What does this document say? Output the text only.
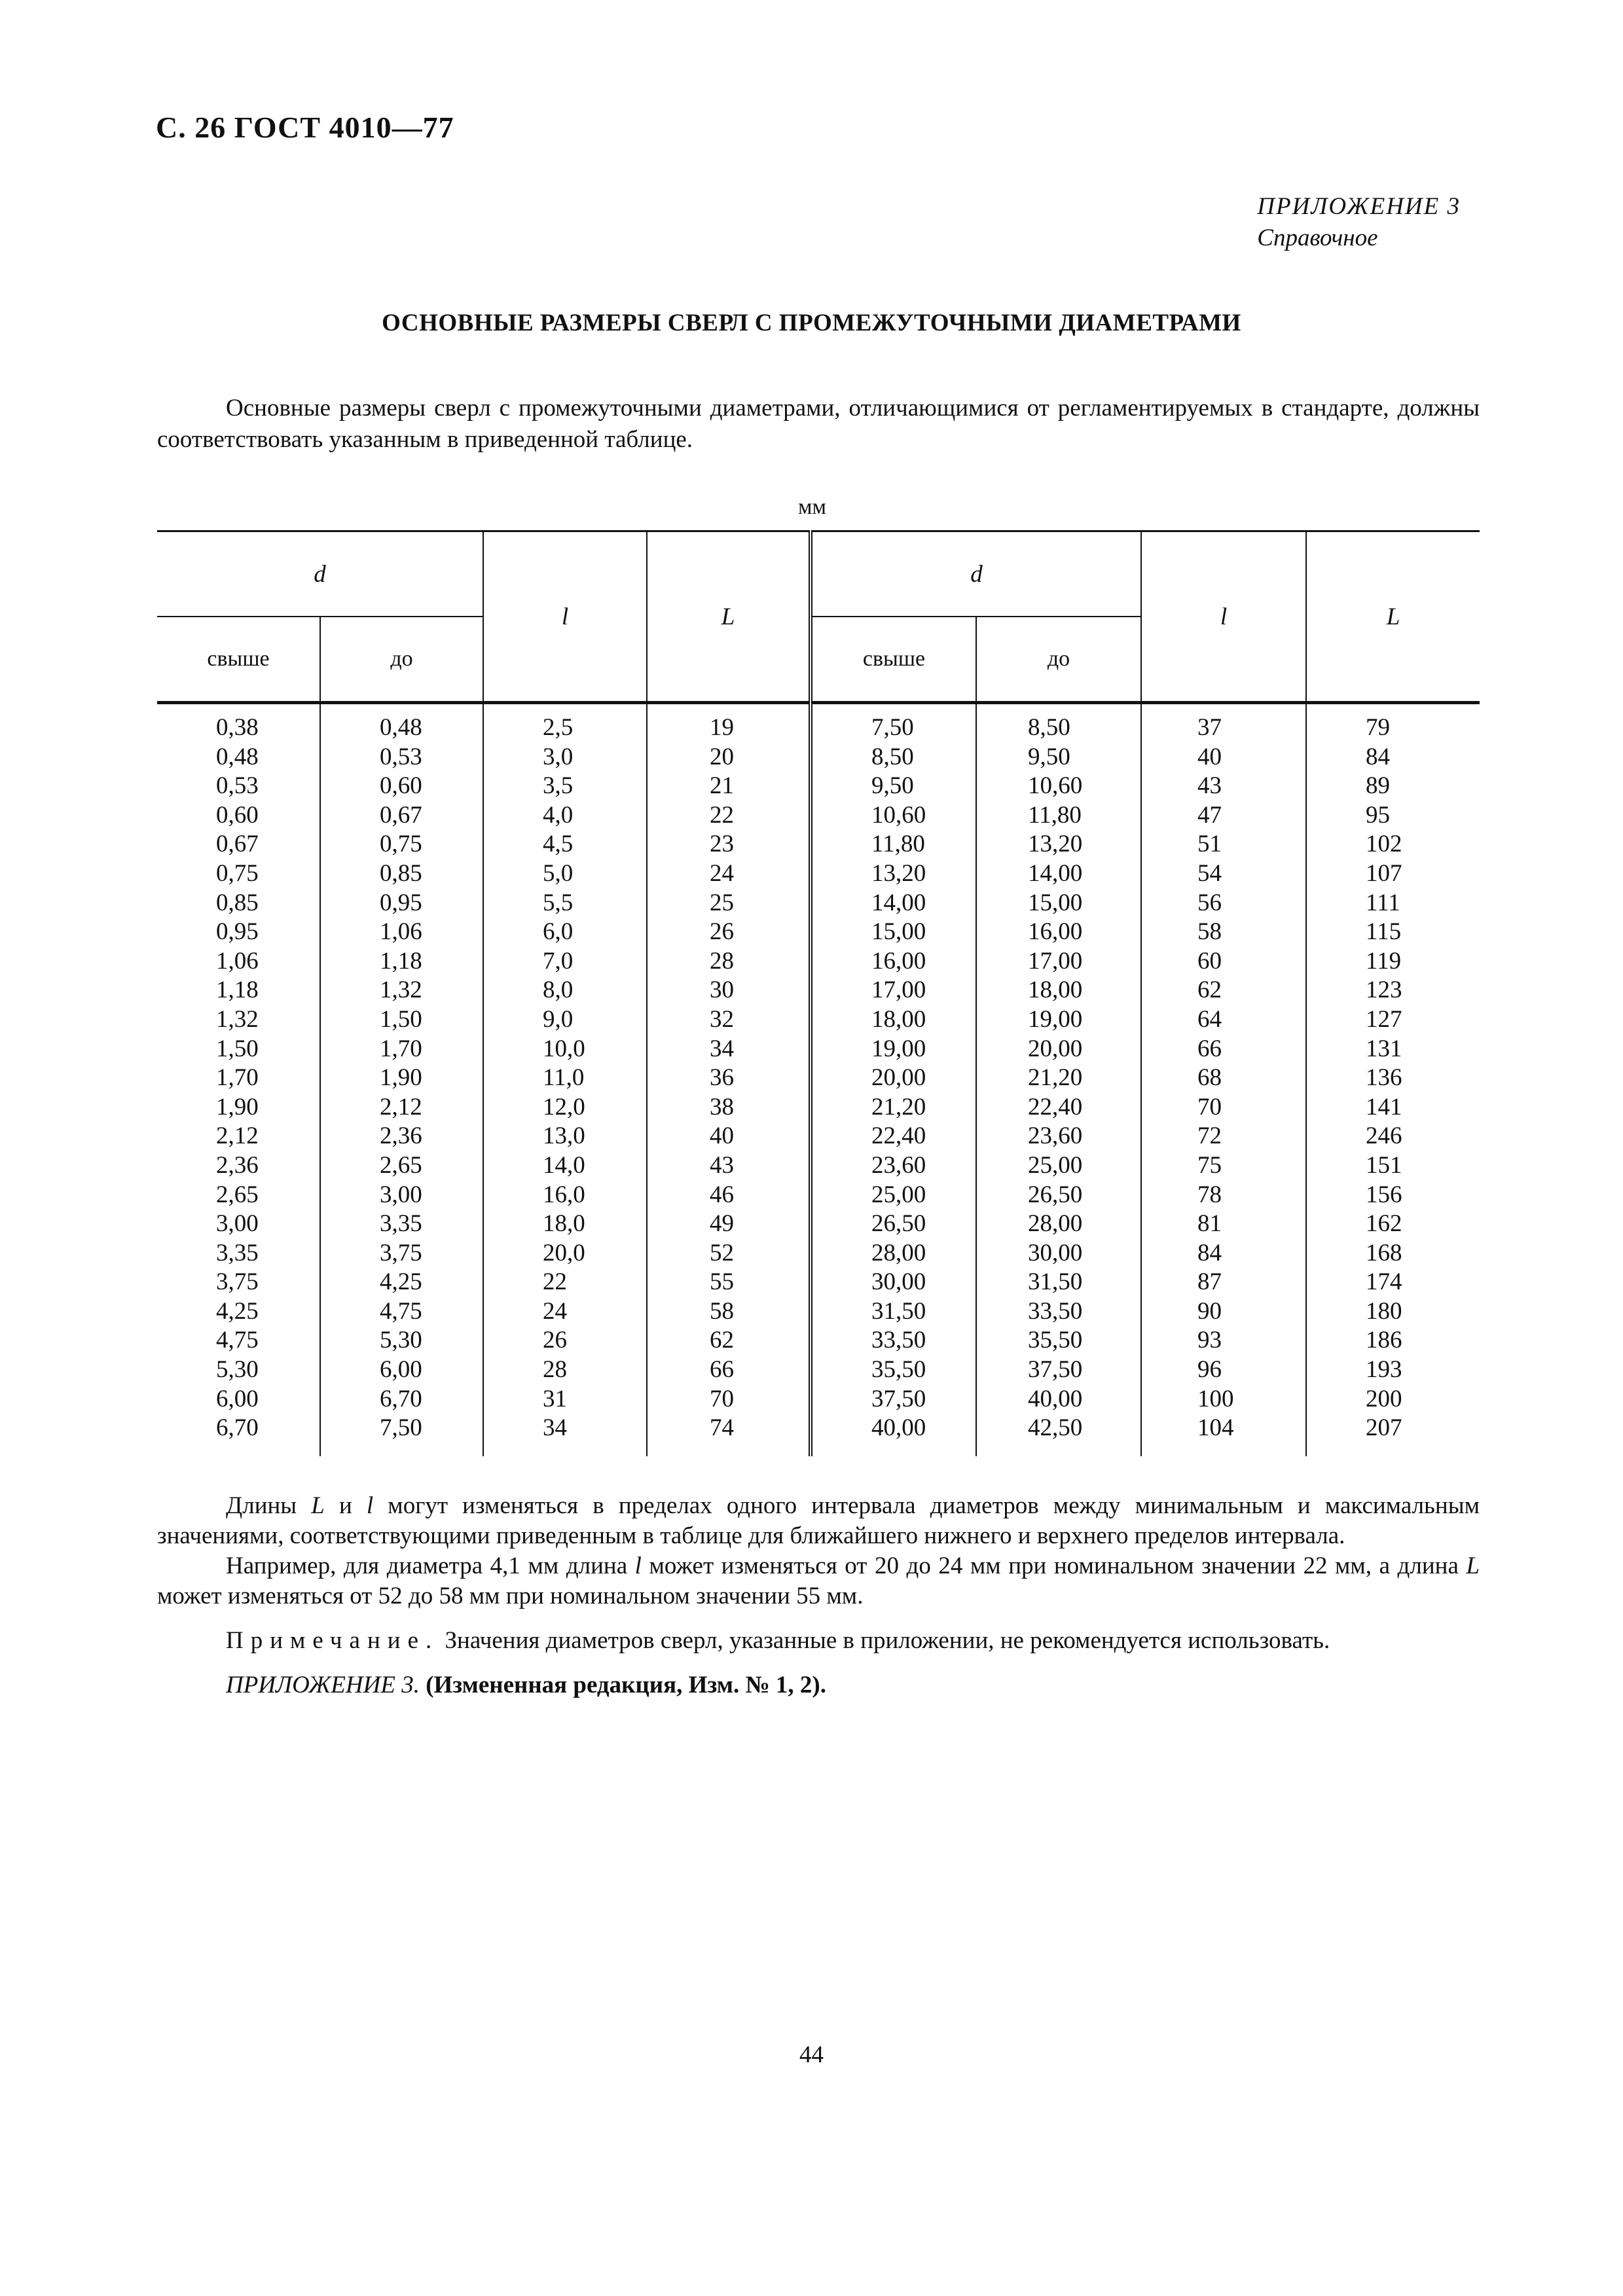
С. 26 ГОСТ 4010—77
ПРИЛОЖЕНИЕ 3
Справочное
ОСНОВНЫЕ РАЗМЕРЫ СВЕРЛ С ПРОМЕЖУТОЧНЫМИ ДИАМЕТРАМИ

Основные размеры сверл с промежуточными диаметрами, отличающимися от регламентируемых в стандарте, должны соответствовать указанным в приведенной таблице.

мм
d		l	L	d		l	L
свыше	до			свыше	до		
0,38	0,48	2,5	19	7,50	8,50	37	79
0,48	0,53	3,0	20	8,50	9,50	40	84
0,53	0,60	3,5	21	9,50	10,60	43	89
0,60	0,67	4,0	22	10,60	11,80	47	95
0,67	0,75	4,5	23	11,80	13,20	51	102
0,75	0,85	5,0	24	13,20	14,00	54	107
0,85	0,95	5,5	25	14,00	15,00	56	111
0,95	1,06	6,0	26	15,00	16,00	58	115
1,06	1,18	7,0	28	16,00	17,00	60	119
1,18	1,32	8,0	30	17,00	18,00	62	123
1,32	1,50	9,0	32	18,00	19,00	64	127
1,50	1,70	10,0	34	19,00	20,00	66	131
1,70	1,90	11,0	36	20,00	21,20	68	136
1,90	2,12	12,0	38	21,20	22,40	70	141
2,12	2,36	13,0	40	22,40	23,60	72	246
2,36	2,65	14,0	43	23,60	25,00	75	151
2,65	3,00	16,0	46	25,00	26,50	78	156
3,00	3,35	18,0	49	26,50	28,00	81	162
3,35	3,75	20,0	52	28,00	30,00	84	168
3,75	4,25	22	55	30,00	31,50	87	174
4,25	4,75	24	58	31,50	33,50	90	180
4,75	5,30	26	62	33,50	35,50	93	186
5,30	6,00	28	66	35,50	37,50	96	193
6,00	6,70	31	70	37,50	40,00	100	200
6,70	7,50	34	74	40,00	42,50	104	207

Длины L и l могут изменяться в пределах одного интервала диаметров между минимальным и максимальным значениями, соответствующими приведенным в таблице для ближайшего нижнего и верхнего пределов интервала.

Например, для диаметра 4,1 мм длина l может изменяться от 20 до 24 мм при номинальном значении 22 мм, а длина L может изменяться от 52 до 58 мм при номинальном значении 55 мм.

Примечание. Значения диаметров сверл, указанные в приложении, не рекомендуется использовать.

ПРИЛОЖЕНИЕ 3. (Измененная редакция, Изм. № 1, 2).

44
